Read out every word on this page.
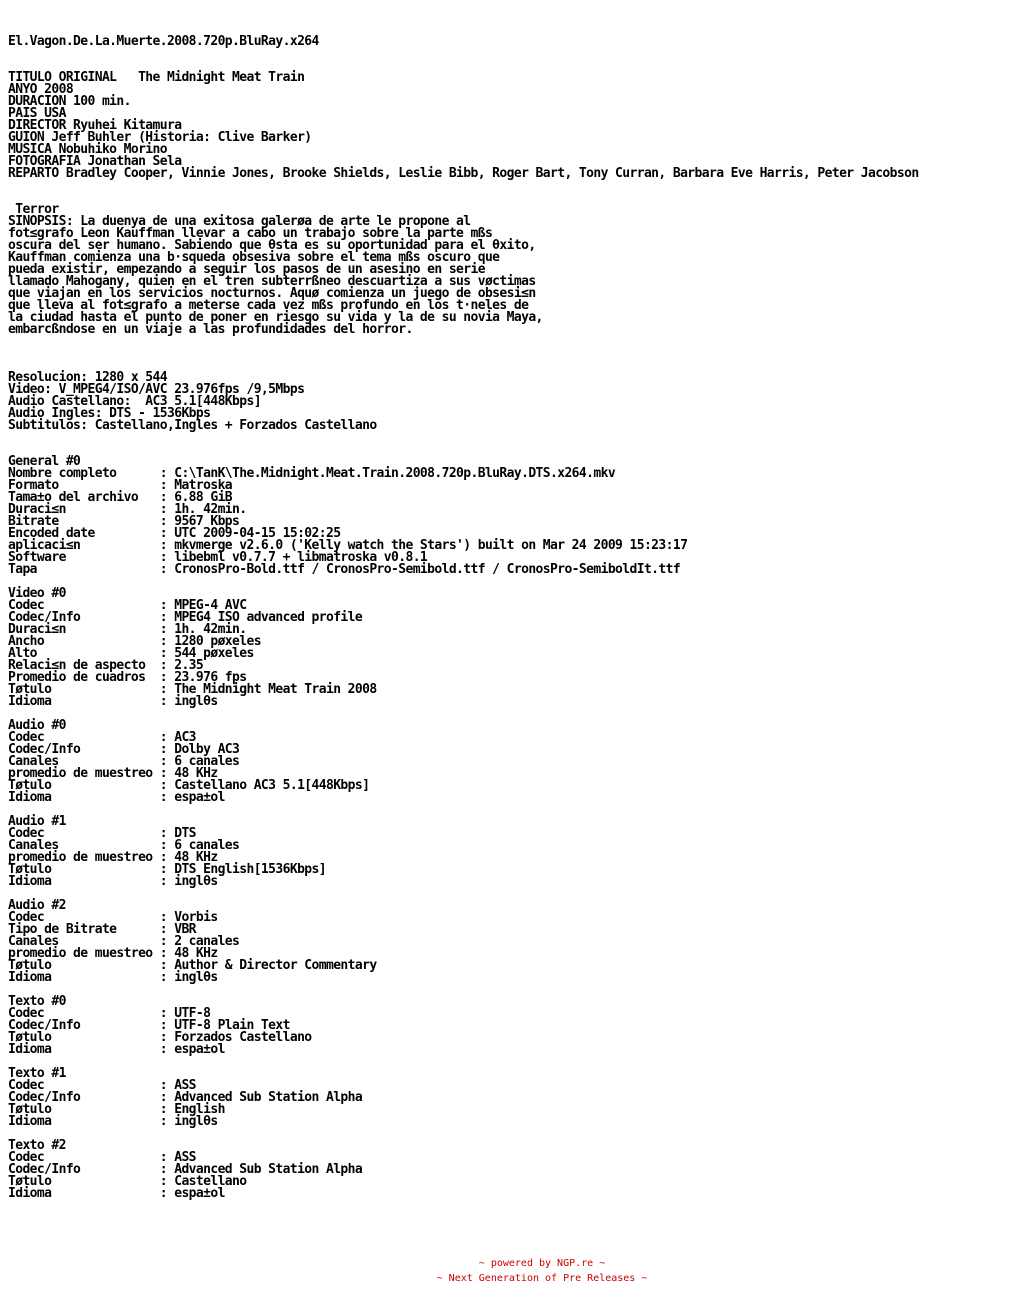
El.Vagon.De.La.Muerte.2008.720p.BluRay.x264
TITULO ORIGINAL   The Midnight Meat Train
ANYO 2008
DURACION 100 min.
PAIS USA
DIRECTOR Ryuhei Kitamura
GUION Jeff Buhler (Historia: Clive Barker)
MUSICA Nobuhiko Morino
FOTOGRAFIA Jonathan Sela
REPARTO Bradley Cooper, Vinnie Jones, Brooke Shields, Leslie Bibb, Roger Bart, Tony Curran, Barbara Eve Harris, Peter Jacobson
Terror
SINOPSIS: La duenya de una exitosa galerøa de arte le propone al
fot≤grafo Leon Kauffman llevar a cabo un trabajo sobre la parte mßs
oscura del ser humano. Sabiendo que θsta es su oportunidad para el θxito,
Kauffman comienza una b·squeda obsesiva sobre el tema mßs oscuro que
pueda existir, empezando a seguir los pasos de un asesino en serie
llamado Mahogany, quien en el tren subterrßneo descuartiza a sus vøctimas
que viajan en los servicios nocturnos. Aquø comienza un juego de obsesi≤n
que lleva al fot≤grafo a meterse cada vez mßs profundo en los t·neles de
la ciudad hasta el punto de poner en riesgo su vida y la de su novia Maya,
embarcßndose en un viaje a las profundidades del horror.
Resolucion: 1280 x 544
Video: V_MPEG4/ISO/AVC 23.976fps /9,5Mbps
Audio Castellano:  AC3 5.1[448Kbps]
Audio Ingles: DTS - 1536Kbps
Subtitulos: Castellano,Ingles + Forzados Castellano
General #0
Nombre completo      : C:\TanK\The.Midnight.Meat.Train.2008.720p.BluRay.DTS.x264.mkv
Formato              : Matroska
Tama±o del archivo   : 6.88 GiB
Duraci≤n             : 1h. 42min.
Bitrate              : 9567 Kbps
Encoded date         : UTC 2009-04-15 15:02:25
aplicaci≤n           : mkvmerge v2.6.0 ('Kelly watch the Stars') built on Mar 24 2009 15:23:17
Software             : libebml v0.7.7 + libmatroska v0.8.1
Tapa                 : CronosPro-Bold.ttf / CronosPro-Semibold.ttf / CronosPro-SemiboldIt.ttf
Video #0
Codec                : MPEG-4 AVC
Codec/Info           : MPEG4 ISO advanced profile
Duraci≤n             : 1h. 42min.
Ancho                : 1280 pøxeles
Alto                 : 544 pøxeles
Relaci≤n de aspecto  : 2.35
Promedio de cuadros  : 23.976 fps
Tøtulo               : The Midnight Meat Train 2008
Idioma               : inglθs
Audio #0
Codec                : AC3
Codec/Info           : Dolby AC3
Canales              : 6 canales
promedio de muestreo : 48 KHz
Tøtulo               : Castellano AC3 5.1[448Kbps]
Idioma               : espa±ol
Audio #1
Codec                : DTS
Canales              : 6 canales
promedio de muestreo : 48 KHz
Tøtulo               : DTS English[1536Kbps]
Idioma               : inglθs
Audio #2
Codec                : Vorbis
Tipo de Bitrate      : VBR
Canales              : 2 canales
promedio de muestreo : 48 KHz
Tøtulo               : Author & Director Commentary
Idioma               : inglθs
Texto #0
Codec                : UTF-8
Codec/Info           : UTF-8 Plain Text
Tøtulo               : Forzados Castellano
Idioma               : espa±ol
Texto #1
Codec                : ASS
Codec/Info           : Advanced Sub Station Alpha
Tøtulo               : English
Idioma               : inglθs
Texto #2
Codec                : ASS
Codec/Info           : Advanced Sub Station Alpha
Tøtulo               : Castellano
Idioma               : espa±ol
~ powered by NGP.re ~
~ Next Generation of Pre Releases ~
